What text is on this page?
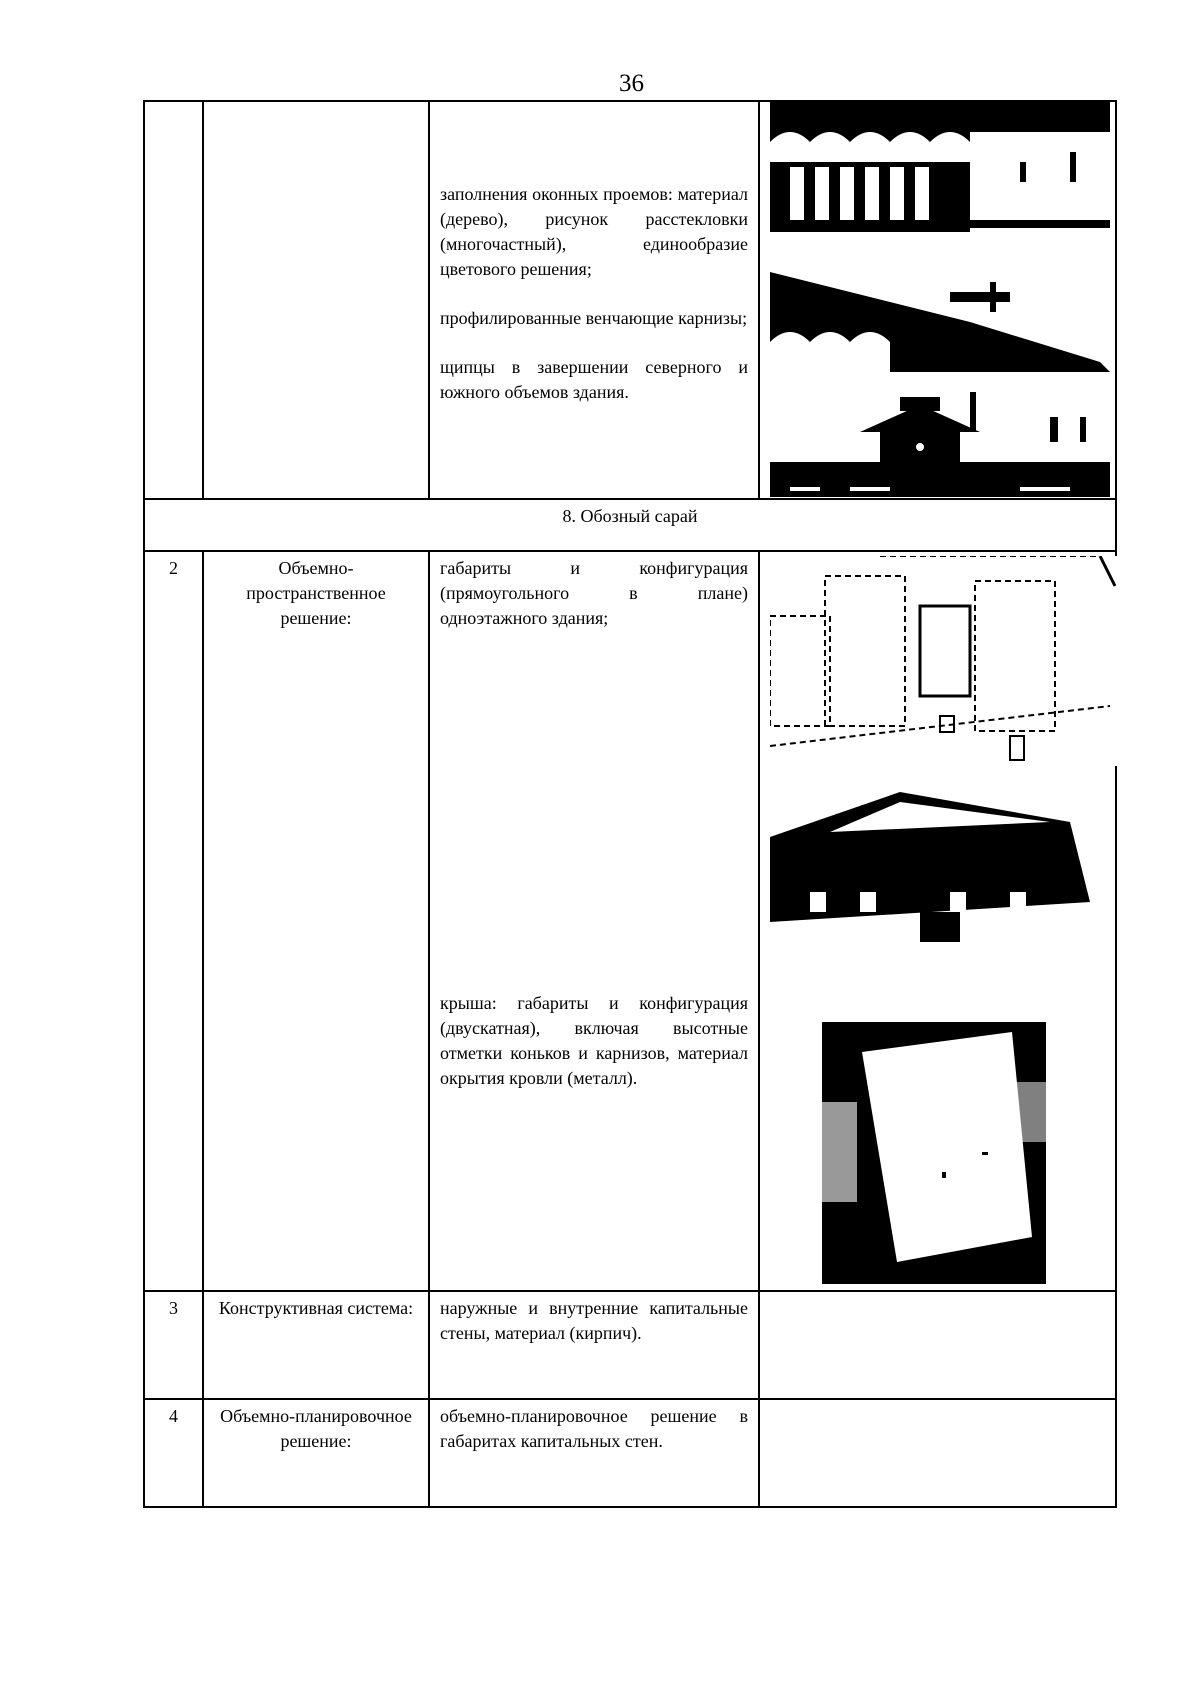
36

		заполнения оконных проемов: материал (дерево), рисунок расстекловки (многочастный), единообразие цветового решения;

профилированные венчающие карнизы;

щипцы в завершении северного и южного объемов здания.

8. Обозный сарай			
2	Объемно-пространственное решение:	габариты и конфигурация (прямоугольного в плане) одноэтажного здания;

крыша: габариты и конфигурация (двускатная), включая высотные отметки коньков и карнизов, материал окрытия кровли (металл).

3	Конструктивная система:	наружные и внутренние капитальные стены, материал (кирпич).	
4	Объемно-планировочное решение:	объемно-планировочное решение в габаритах капитальных стен.	
